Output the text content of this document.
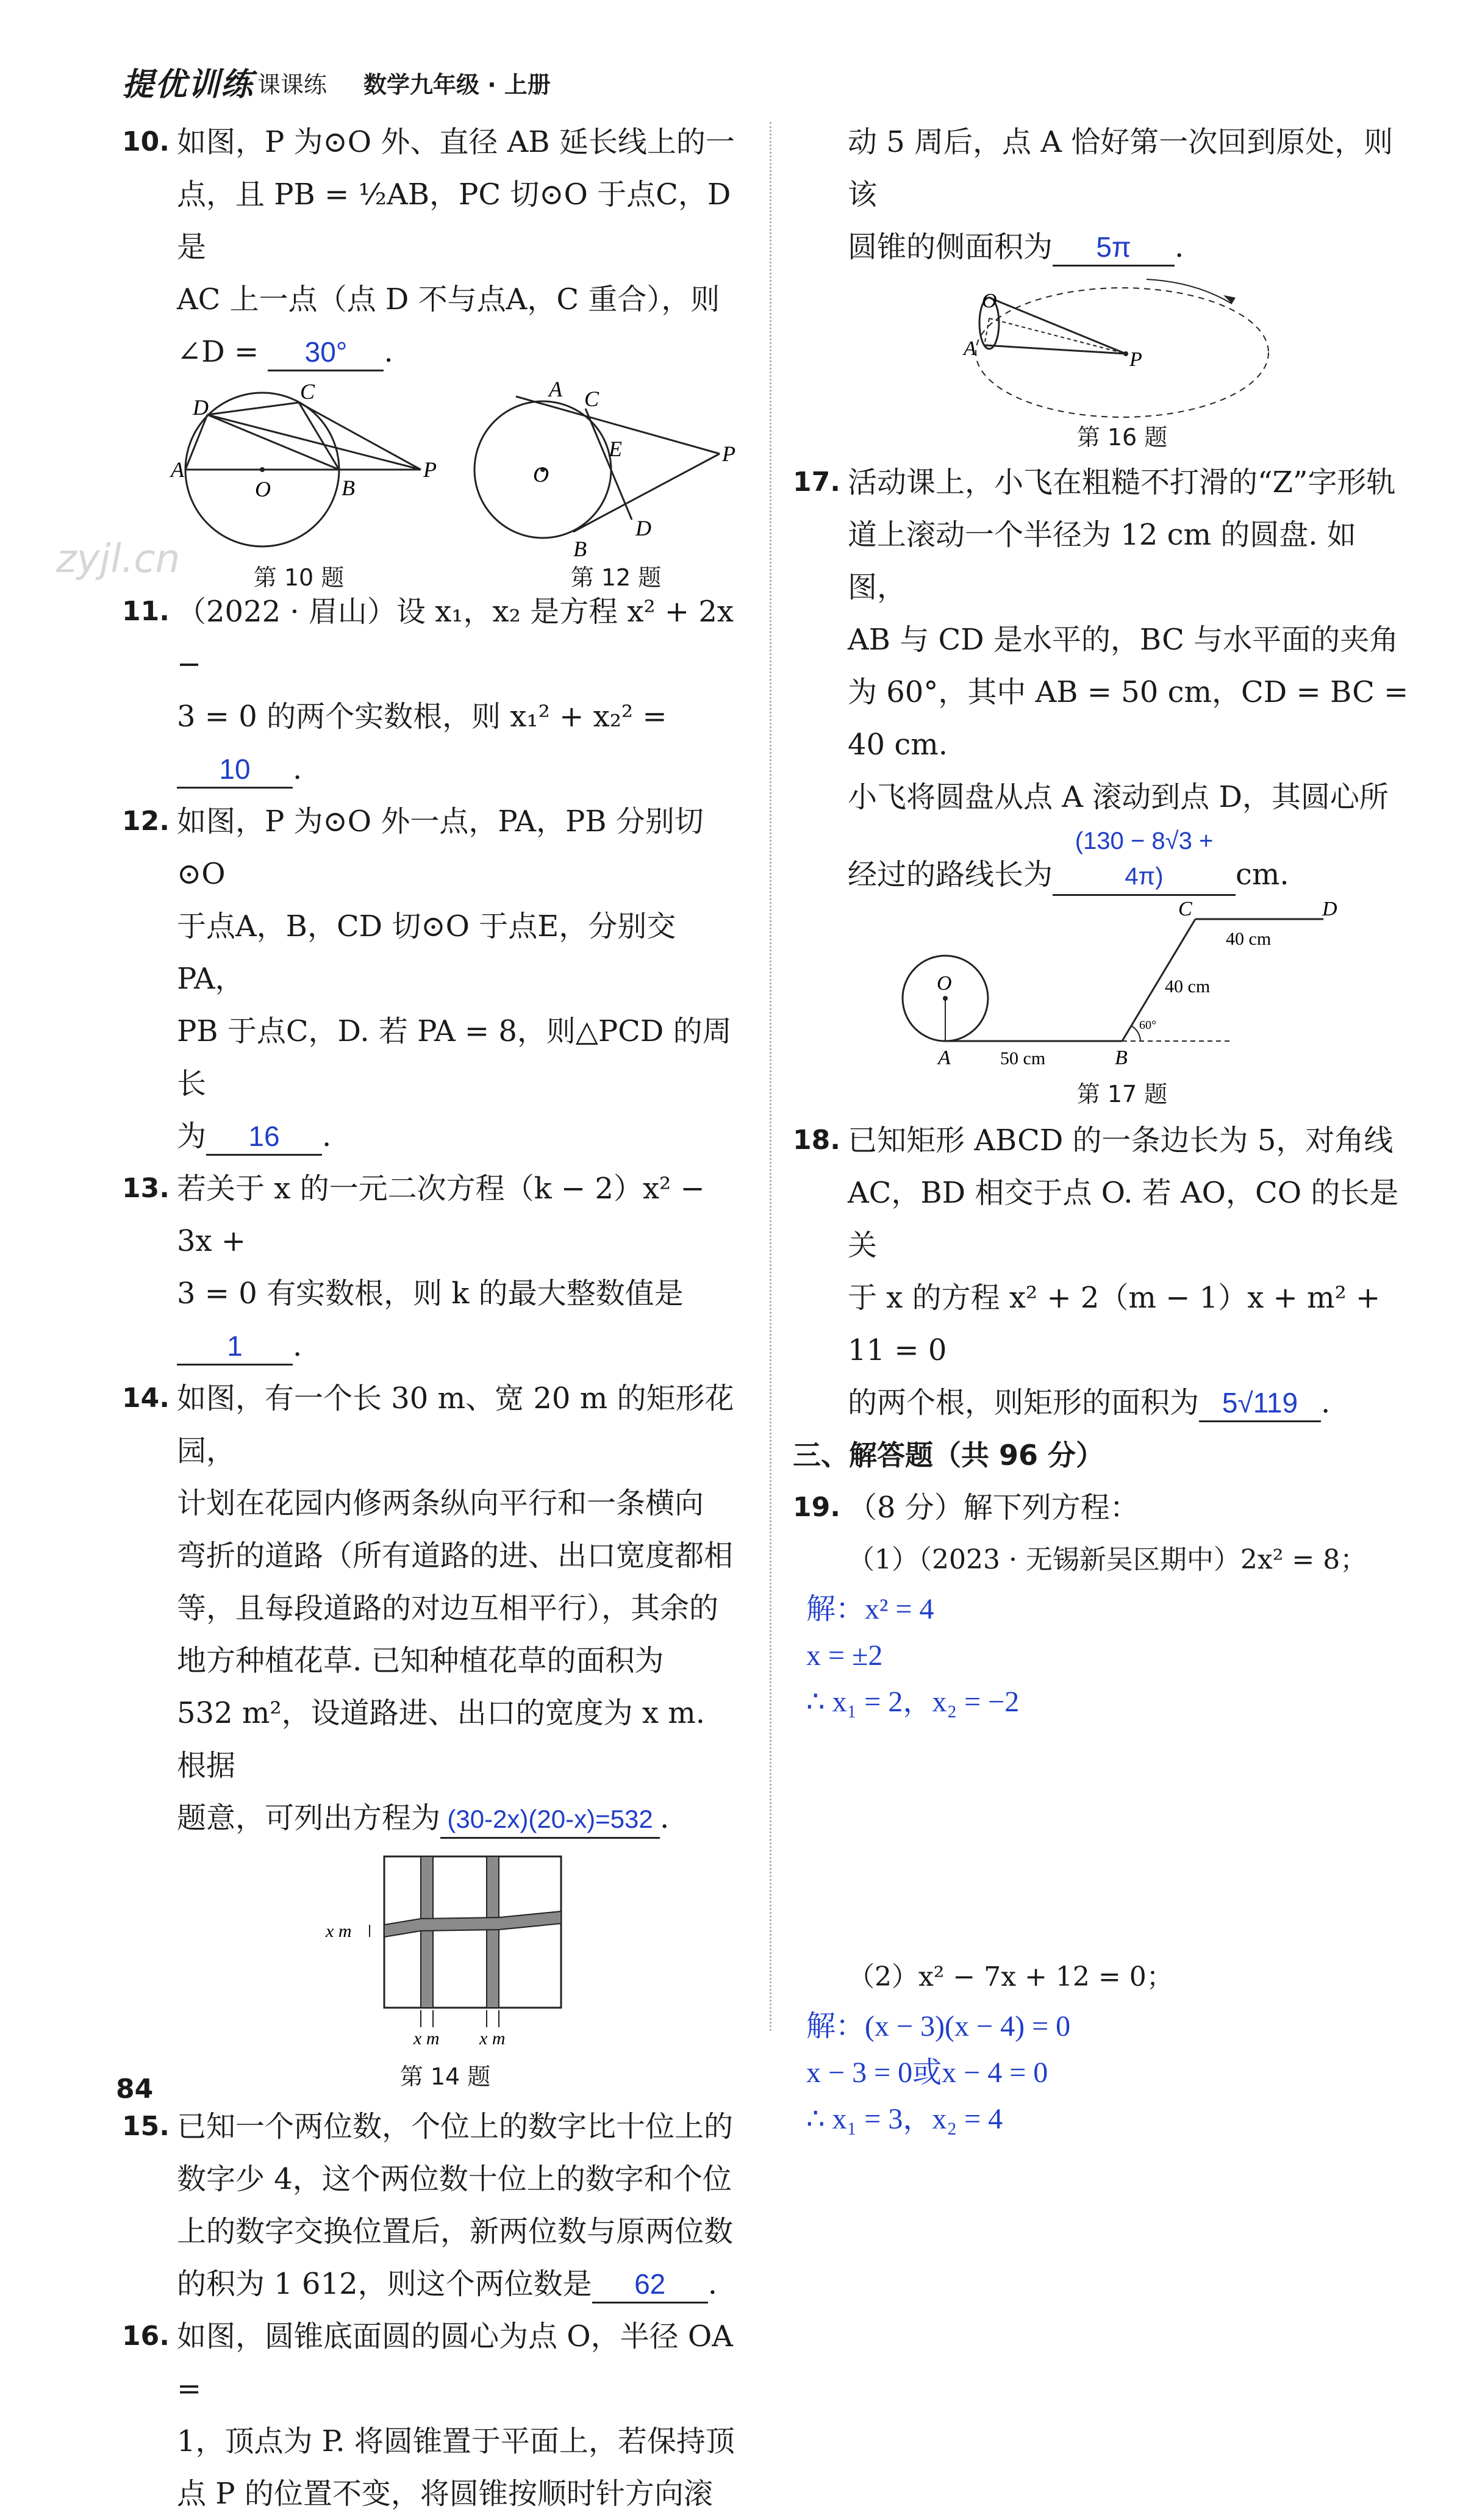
提优训练 课课练 数学九年级 · 上册
zyjl.cn
10. 如图，P 为⊙O 外、直径 AB 延长线上的一
点，且 PB = ½AB，PC 切⊙O 于点C，D 是
AC 上一点（点 D 不与点A，C 重合），则
∠D = 30° .
D
C
A
O	B
P
第 10 题
A C
E	P
O
B
D
第 12 题
11. （2022 · 眉山）设 x₁，x₂ 是方程 x² + 2x −
3 = 0 的两个实数根，则 x₁² + x₂² =10 .
12. 如图，P 为⊙O 外一点，PA，PB 分别切⊙O
于点A，B，CD 切⊙O 于点E，分别交 PA，
PB 于点C，D. 若 PA = 8，则△PCD 的周长
为 16 .
13. 若关于 x 的一元二次方程（k − 2）x² − 3x +
3 = 0 有实数根，则 k 的最大整数值是
1 .
14. 如图，有一个长 30 m、宽 20 m 的矩形花园，
计划在花园内修两条纵向平行和一条横向
弯折的道路（所有道路的进、出口宽度都相
等，且每段道路的对边互相平行），其余的
地方种植花草. 已知种植花草的面积为
532 m²，设道路进、出口的宽度为 x m. 根据
题意，可列出方程为 (30-2x)(20-x)=532 .
x m
x m x m
第 14 题
15. 已知一个两位数，个位上的数字比十位上的
数字少 4，这个两位数十位上的数字和个位
上的数字交换位置后，新两位数与原两位数
的积为 1 612，则这个两位数是 62 .
16. 如图，圆锥底面圆的圆心为点 O，半径 OA =
1，顶点为 P. 将圆锥置于平面上，若保持顶
点 P 的位置不变，将圆锥按顺时针方向滚
动 5 周后，点 A 恰好第一次回到原处，则该
圆锥的侧面积为 5π .
O
A	P
第 16 题
17. 活动课上，小飞在粗糙不打滑的“Z”字形轨
道上滚动一个半径为 12 cm 的圆盘. 如图，
AB 与 CD 是水平的，BC 与水平面的夹角
为 60°，其中 AB = 50 cm，CD = BC = 40 cm.
小飞将圆盘从点 A 滚动到点 D，其圆心所
经过的路线长为(130 − 8√3 + 4π) cm.
C	D
40 cm
O	40 cm
60°
A	50 cm	B
第 17 题
18. 已知矩形 ABCD 的一条边长为 5，对角线
AC，BD 相交于点 O. 若 AO，CO 的长是关
于 x 的方程 x² + 2（m − 1）x + m² + 11 = 0
的两个根，则矩形的面积为 5√119 .
三、解答题（共 96 分）
19. （8 分）解下列方程：
（1）（2023 · 无锡新吴区期中）2x² = 8；
解：x² = 4
x = ±2
∴ x₁ = 2，x₂ = −2
（2）x² − 7x + 12 = 0；
解：(x − 3)(x − 4) = 0
x − 3 = 0或x − 4 = 0
∴ x₁ = 3，x₂ = 4
84
